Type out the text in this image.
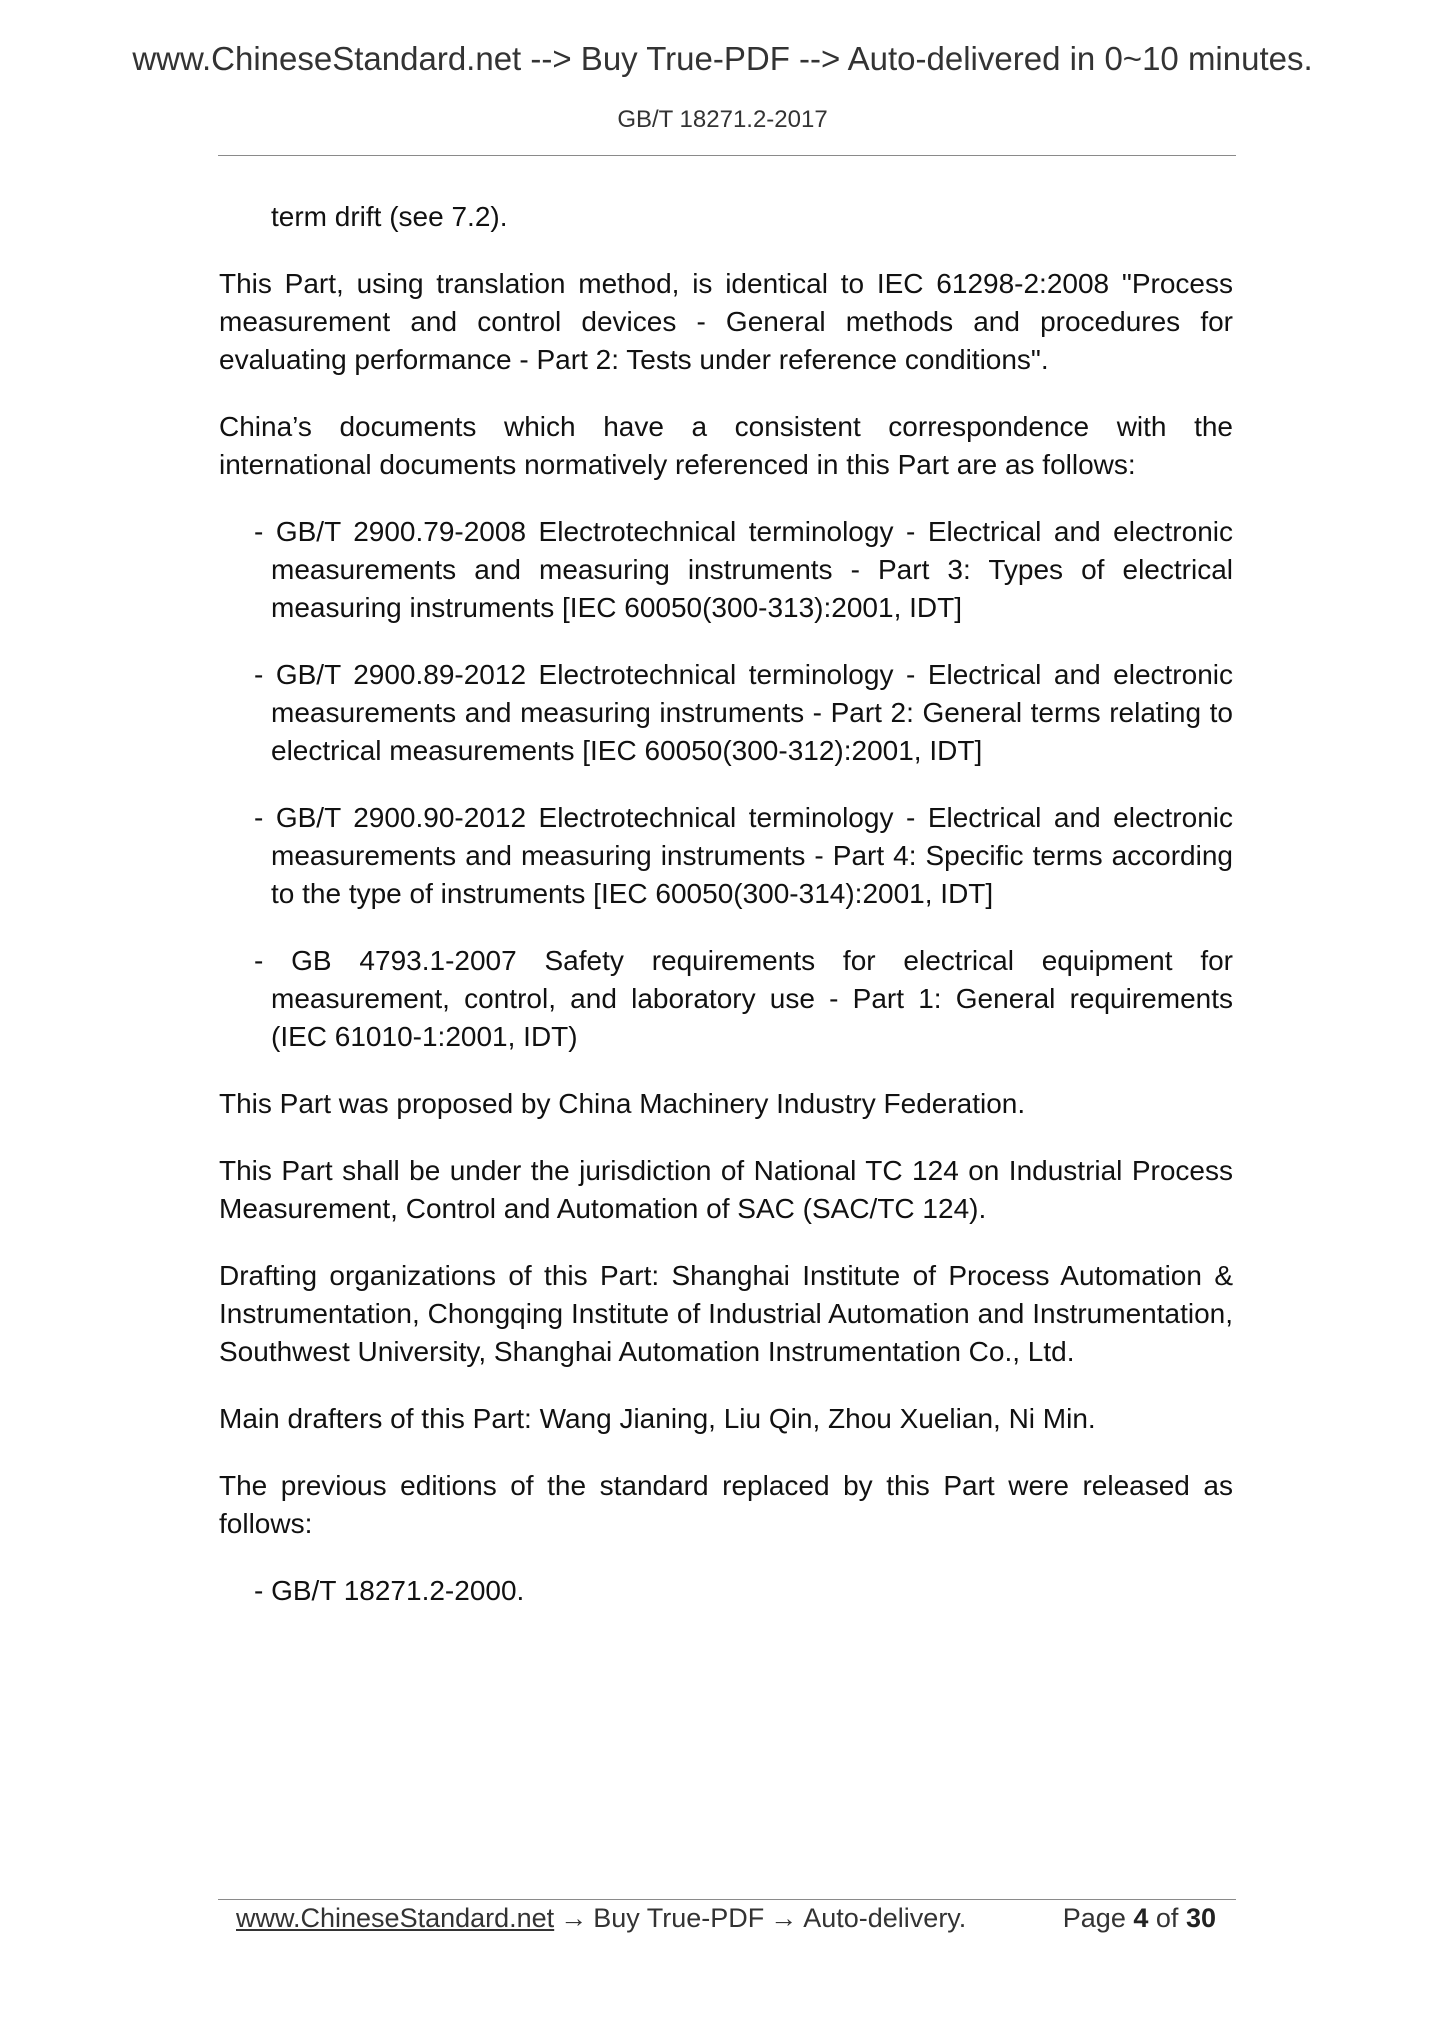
www.ChineseStandard.net --> Buy True-PDF --> Auto-delivered in 0~10 minutes.
GB/T 18271.2-2017

term drift (see 7.2).

This Part, using translation method, is identical to IEC 61298-2:2008 "Process measurement and control devices - General methods and procedures for evaluating performance - Part 2: Tests under reference conditions".

China’s documents which have a consistent correspondence with the international documents normatively referenced in this Part are as follows:

- GB/T 2900.79-2008 Electrotechnical terminology - Electrical and electronic measurements and measuring instruments - Part 3: Types of electrical measuring instruments [IEC 60050(300-313):2001, IDT]
- GB/T 2900.89-2012 Electrotechnical terminology - Electrical and electronic measurements and measuring instruments - Part 2: General terms relating to electrical measurements [IEC 60050(300-312):2001, IDT]
- GB/T 2900.90-2012 Electrotechnical terminology - Electrical and electronic measurements and measuring instruments - Part 4: Specific terms according to the type of instruments [IEC 60050(300-314):2001, IDT]
- GB 4793.1-2007 Safety requirements for electrical equipment for measurement, control, and laboratory use - Part 1: General requirements (IEC 61010-1:2001, IDT)

This Part was proposed by China Machinery Industry Federation.

This Part shall be under the jurisdiction of National TC 124 on Industrial Process Measurement, Control and Automation of SAC (SAC/TC 124).

Drafting organizations of this Part: Shanghai Institute of Process Automation & Instrumentation, Chongqing Institute of Industrial Automation and Instrumentation, Southwest University, Shanghai Automation Instrumentation Co., Ltd.

Main drafters of this Part: Wang Jianing, Liu Qin, Zhou Xuelian, Ni Min.

The previous editions of the standard replaced by this Part were released as follows:

- GB/T 18271.2-2000.
www.ChineseStandard.net → Buy True-PDF → Auto-delivery.	Page 4 of 30
